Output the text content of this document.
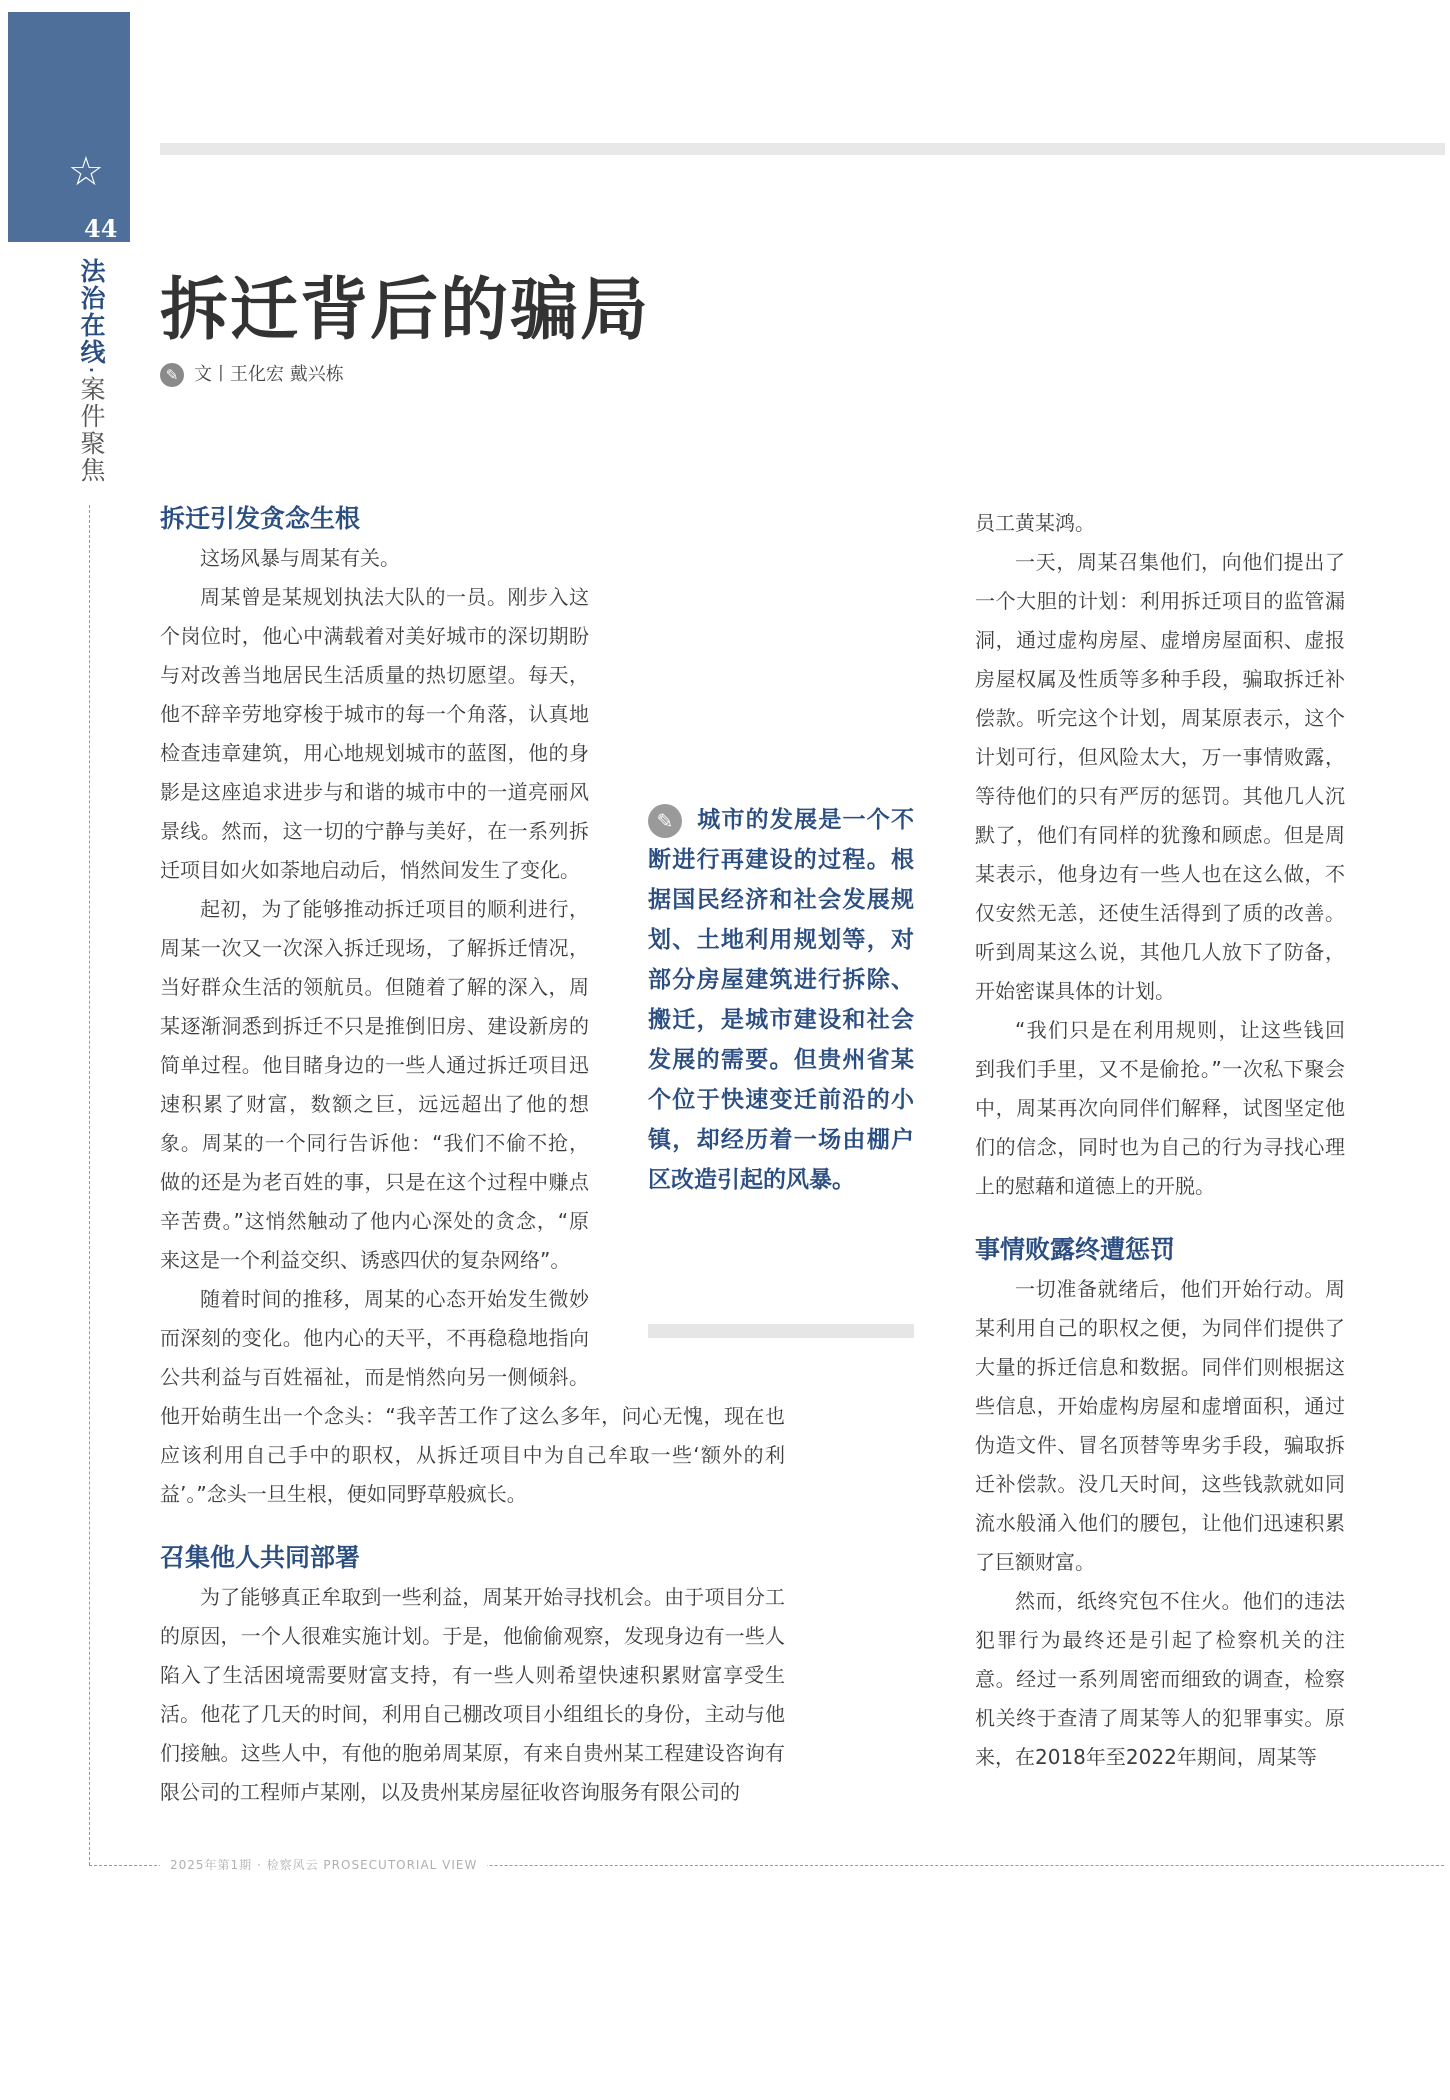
☆
44
法治在线·案件聚焦
2025年第1期 · 检察风云 PROSECUTORIAL VIEW
拆迁背后的骗局
✎ 文丨王化宏 戴兴栋
拆迁引发贪念生根

这场风暴与周某有关。

周某曾是某规划执法大队的一员。刚步入这个岗位时，他心中满载着对美好城市的深切期盼与对改善当地居民生活质量的热切愿望。每天，他不辞辛劳地穿梭于城市的每一个角落，认真地检查违章建筑，用心地规划城市的蓝图，他的身影是这座追求进步与和谐的城市中的一道亮丽风景线。然而，这一切的宁静与美好，在一系列拆迁项目如火如荼地启动后，悄然间发生了变化。

起初，为了能够推动拆迁项目的顺利进行，周某一次又一次深入拆迁现场，了解拆迁情况，当好群众生活的领航员。但随着了解的深入，周某逐渐洞悉到拆迁不只是推倒旧房、建设新房的简单过程。他目睹身边的一些人通过拆迁项目迅速积累了财富，数额之巨，远远超出了他的想象。周某的一个同行告诉他：“我们不偷不抢，做的还是为老百姓的事，只是在这个过程中赚点辛苦费。”这悄然触动了他内心深处的贪念，“原来这是一个利益交织、诱惑四伏的复杂网络”。

随着时间的推移，周某的心态开始发生微妙而深刻的变化。他内心的天平，不再稳稳地指向公共利益与百姓福祉，而是悄然向另一侧倾斜。他开始萌生出一个念头：“我辛苦工作了这么多年，问心无愧，现在也应该利用自己手中的职权，从拆迁项目中为自己牟取一些‘额外的利益’。”念头一旦生根，便如同野草般疯长。

召集他人共同部署

为了能够真正牟取到一些利益，周某开始寻找机会。由于项目分工的原因，一个人很难实施计划。于是，他偷偷观察，发现身边有一些人陷入了生活困境需要财富支持，有一些人则希望快速积累财富享受生活。他花了几天的时间，利用自己棚改项目小组组长的身份，主动与他们接触。这些人中，有他的胞弟周某原，有来自贵州某工程建设咨询有限公司的工程师卢某刚，以及贵州某房屋征收咨询服务有限公司的

✎ 城市的发展是一个不断进行再建设的过程。根据国民经济和社会发展规划、土地利用规划等，对部分房屋建筑进行拆除、搬迁，是城市建设和社会发展的需要。但贵州省某个位于快速变迁前沿的小镇，却经历着一场由棚户区改造引起的风暴。

员工黄某鸿。

一天，周某召集他们，向他们提出了一个大胆的计划：利用拆迁项目的监管漏洞，通过虚构房屋、虚增房屋面积、虚报房屋权属及性质等多种手段，骗取拆迁补偿款。听完这个计划，周某原表示，这个计划可行，但风险太大，万一事情败露，等待他们的只有严厉的惩罚。其他几人沉默了，他们有同样的犹豫和顾虑。但是周某表示，他身边有一些人也在这么做，不仅安然无恙，还使生活得到了质的改善。听到周某这么说，其他几人放下了防备，开始密谋具体的计划。

“我们只是在利用规则，让这些钱回到我们手里，又不是偷抢。”一次私下聚会中，周某再次向同伴们解释，试图坚定他们的信念，同时也为自己的行为寻找心理上的慰藉和道德上的开脱。

事情败露终遭惩罚

一切准备就绪后，他们开始行动。周某利用自己的职权之便，为同伴们提供了大量的拆迁信息和数据。同伴们则根据这些信息，开始虚构房屋和虚增面积，通过伪造文件、冒名顶替等卑劣手段，骗取拆迁补偿款。没几天时间，这些钱款就如同流水般涌入他们的腰包，让他们迅速积累了巨额财富。

然而，纸终究包不住火。他们的违法犯罪行为最终还是引起了检察机关的注意。经过一系列周密而细致的调查，检察机关终于查清了周某等人的犯罪事实。原来，在2018年至2022年期间，周某等
